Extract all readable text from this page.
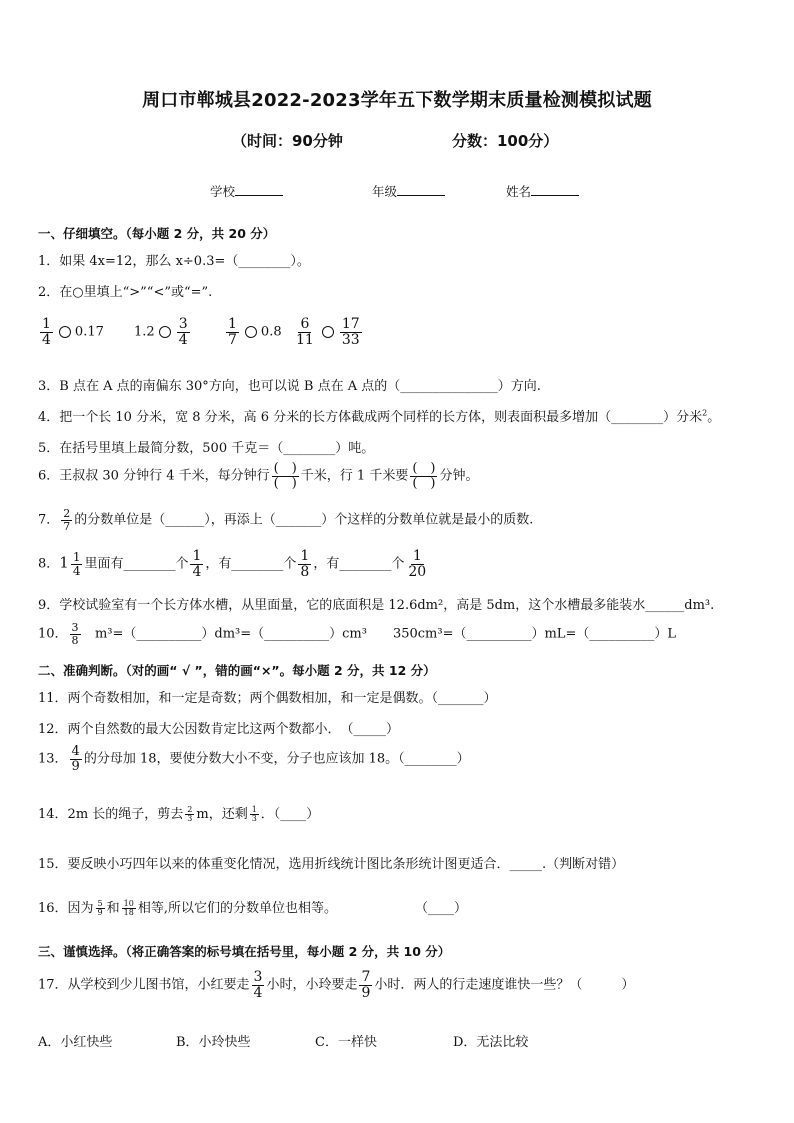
周口市郸城县2022-2023学年五下数学期末质量检测模拟试题
（时间：90分钟	分数：100分）
学校	年级	姓名
一、仔细填空。（每小题 2 分，共 20 分）
1．如果 4x=12，那么 x÷0.3=（________）。
2．在○里填上“>”“<”或“=”.
$\frac{1}{4} 0.17$ $1.2 \frac{3}{4}$	$\frac{1}{7} 0.8 \frac{6}{11} \frac{17}{33}$
3．B 点在 A 点的南偏东 30°方向，也可以说 B 点在 A 点的（_______________）方向.
4．把一个长 10 分米，宽 8 分米，高 6 分米的长方体截成两个同样的长方体，则表面积最多增加（________）分米$^2$。
5．在括号里填上最简分数，500 千克＝（________）吨。
6．王叔叔 30 分钟行 4 千米，每分钟行 $\frac{( )}{( )}$ 千米，行 1 千米要 $\frac{( )}{( )}$ 分钟。
7． $\frac{2}{7}$ 的分数单位是（______），再添上（_______）个这样的分数单位就是最小的质数.
8．$1 \frac{1}{4}$ 里面有________个 $\frac{1}{4}$ ，有________个 $\frac{1}{8}$ ，有________个 $\frac{1}{20}$
9．学校试验室有一个长方体水槽，从里面量，它的底面积是 12.6dm²，高是 5dm，这个水槽最多能装水______dm³.
10． $\frac{3}{8}$ m³=（__________）dm³=（__________）cm³　　350cm³=（__________）mL=（__________）L
二、准确判断。（对的画“ √ ”，错的画“×”。每小题 2 分，共 12 分）
11．两个奇数相加，和一定是奇数；两个偶数相加，和一定是偶数。（_______）
12．两个自然数的最大公因数肯定比这两个数都小．　（_____）
13． $\frac{4}{9}$ 的分母加 18，要使分数大小不变，分子也应该加 18。（________）
14．2m 长的绳子，剪去 $\frac{2}{3}$ m，还剩 $\frac{1}{3}$ ．（____）
15．要反映小巧四年以来的体重变化情况，选用折线统计图比条形统计图更适合．_____.（判断对错）
16．因为 $\frac{5}{9}$ 和 $\frac{10}{18}$ 相等,所以它们的分数单位也相等。	（____）
三、谨慎选择。（将正确答案的标号填在括号里，每小题 2 分，共 10 分）
17．从学校到少儿图书馆，小红要走 $\frac{3}{4}$ 小时，小玲要走 $\frac{7}{9}$ 小时．两人的行走速度谁快一些？（　　　）
A．小红快些	B．小玲快些	C．一样快	D．无法比较
